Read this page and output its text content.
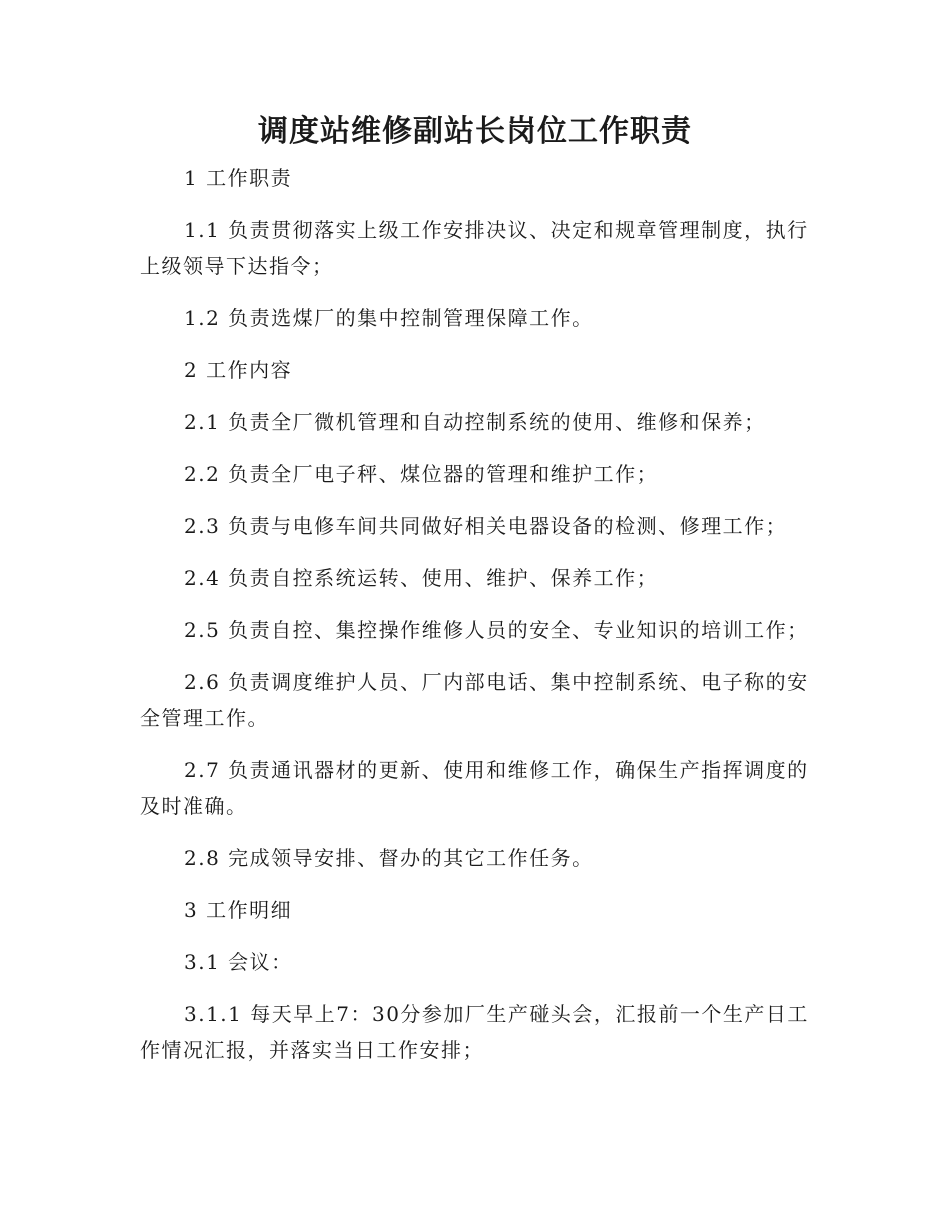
调度站维修副站长岗位工作职责

1 工作职责

1.1 负责贯彻落实上级工作安排决议、决定和规章管理制度，执行上级领导下达指令；

1.2 负责选煤厂的集中控制管理保障工作。

2 工作内容

2.1 负责全厂微机管理和自动控制系统的使用、维修和保养；

2.2 负责全厂电子秤、煤位器的管理和维护工作；

2.3 负责与电修车间共同做好相关电器设备的检测、修理工作；

2.4 负责自控系统运转、使用、维护、保养工作；

2.5 负责自控、集控操作维修人员的安全、专业知识的培训工作；

2.6 负责调度维护人员、厂内部电话、集中控制系统、电子称的安全管理工作。

2.7 负责通讯器材的更新、使用和维修工作，确保生产指挥调度的及时准确。

2.8 完成领导安排、督办的其它工作任务。

3 工作明细

3.1 会议：

3.1.1 每天早上7：30分参加厂生产碰头会，汇报前一个生产日工作情况汇报，并落实当日工作安排；
